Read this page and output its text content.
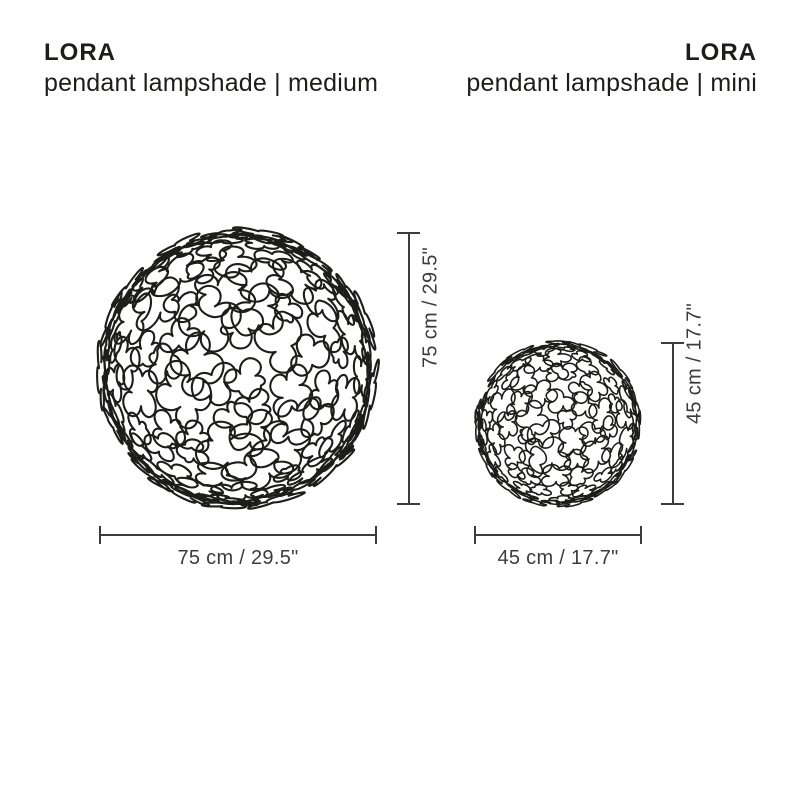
LORA
pendant lampshade | medium
LORA
pendant lampshade | mini
75 cm / 29.5"
75 cm / 29.5"
45 cm / 17.7"
45 cm / 17.7"
